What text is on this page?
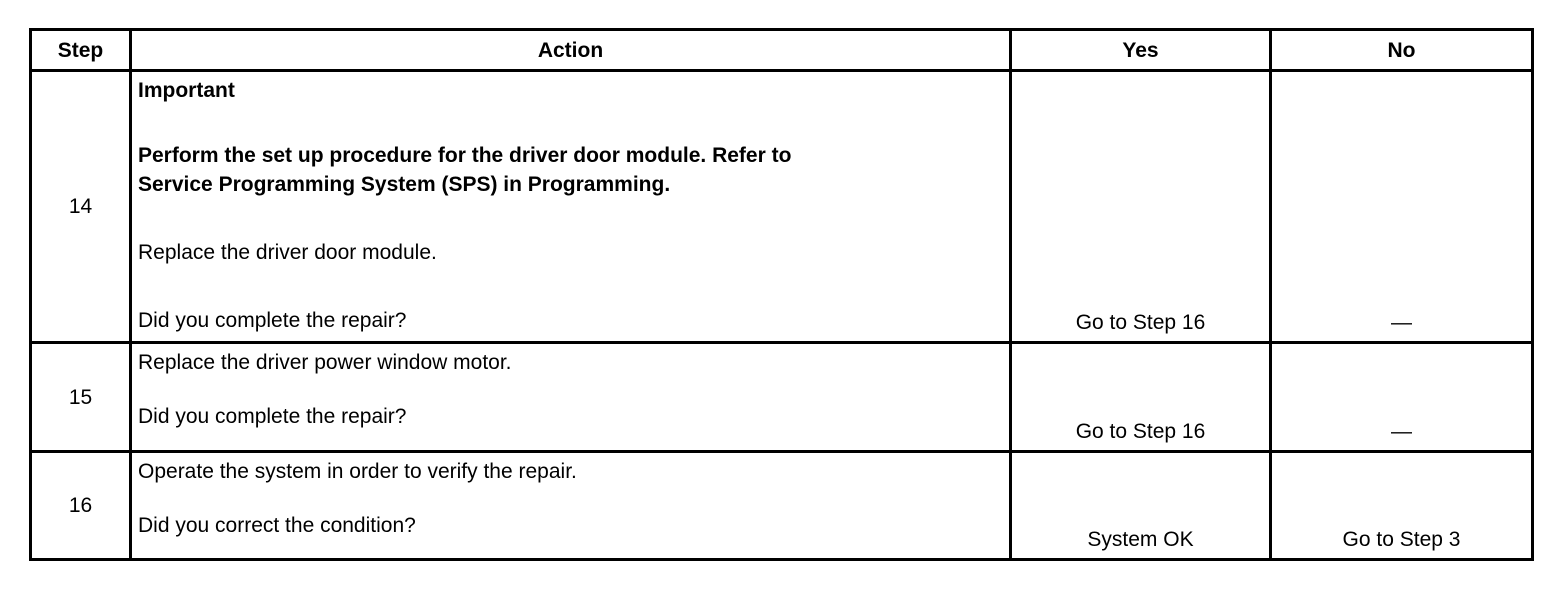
Step	Action	Yes	No
14	Important
Perform the set up procedure for the driver door module. Refer to
Service Programming System (SPS) in Programming.
Replace the driver door module.
Did you complete the repair?	Go to Step 16	—
15	Replace the driver power window motor.
Did you complete the repair?	Go to Step 16	—
16	Operate the system in order to verify the repair.
Did you correct the condition?	System OK	Go to Step 3
